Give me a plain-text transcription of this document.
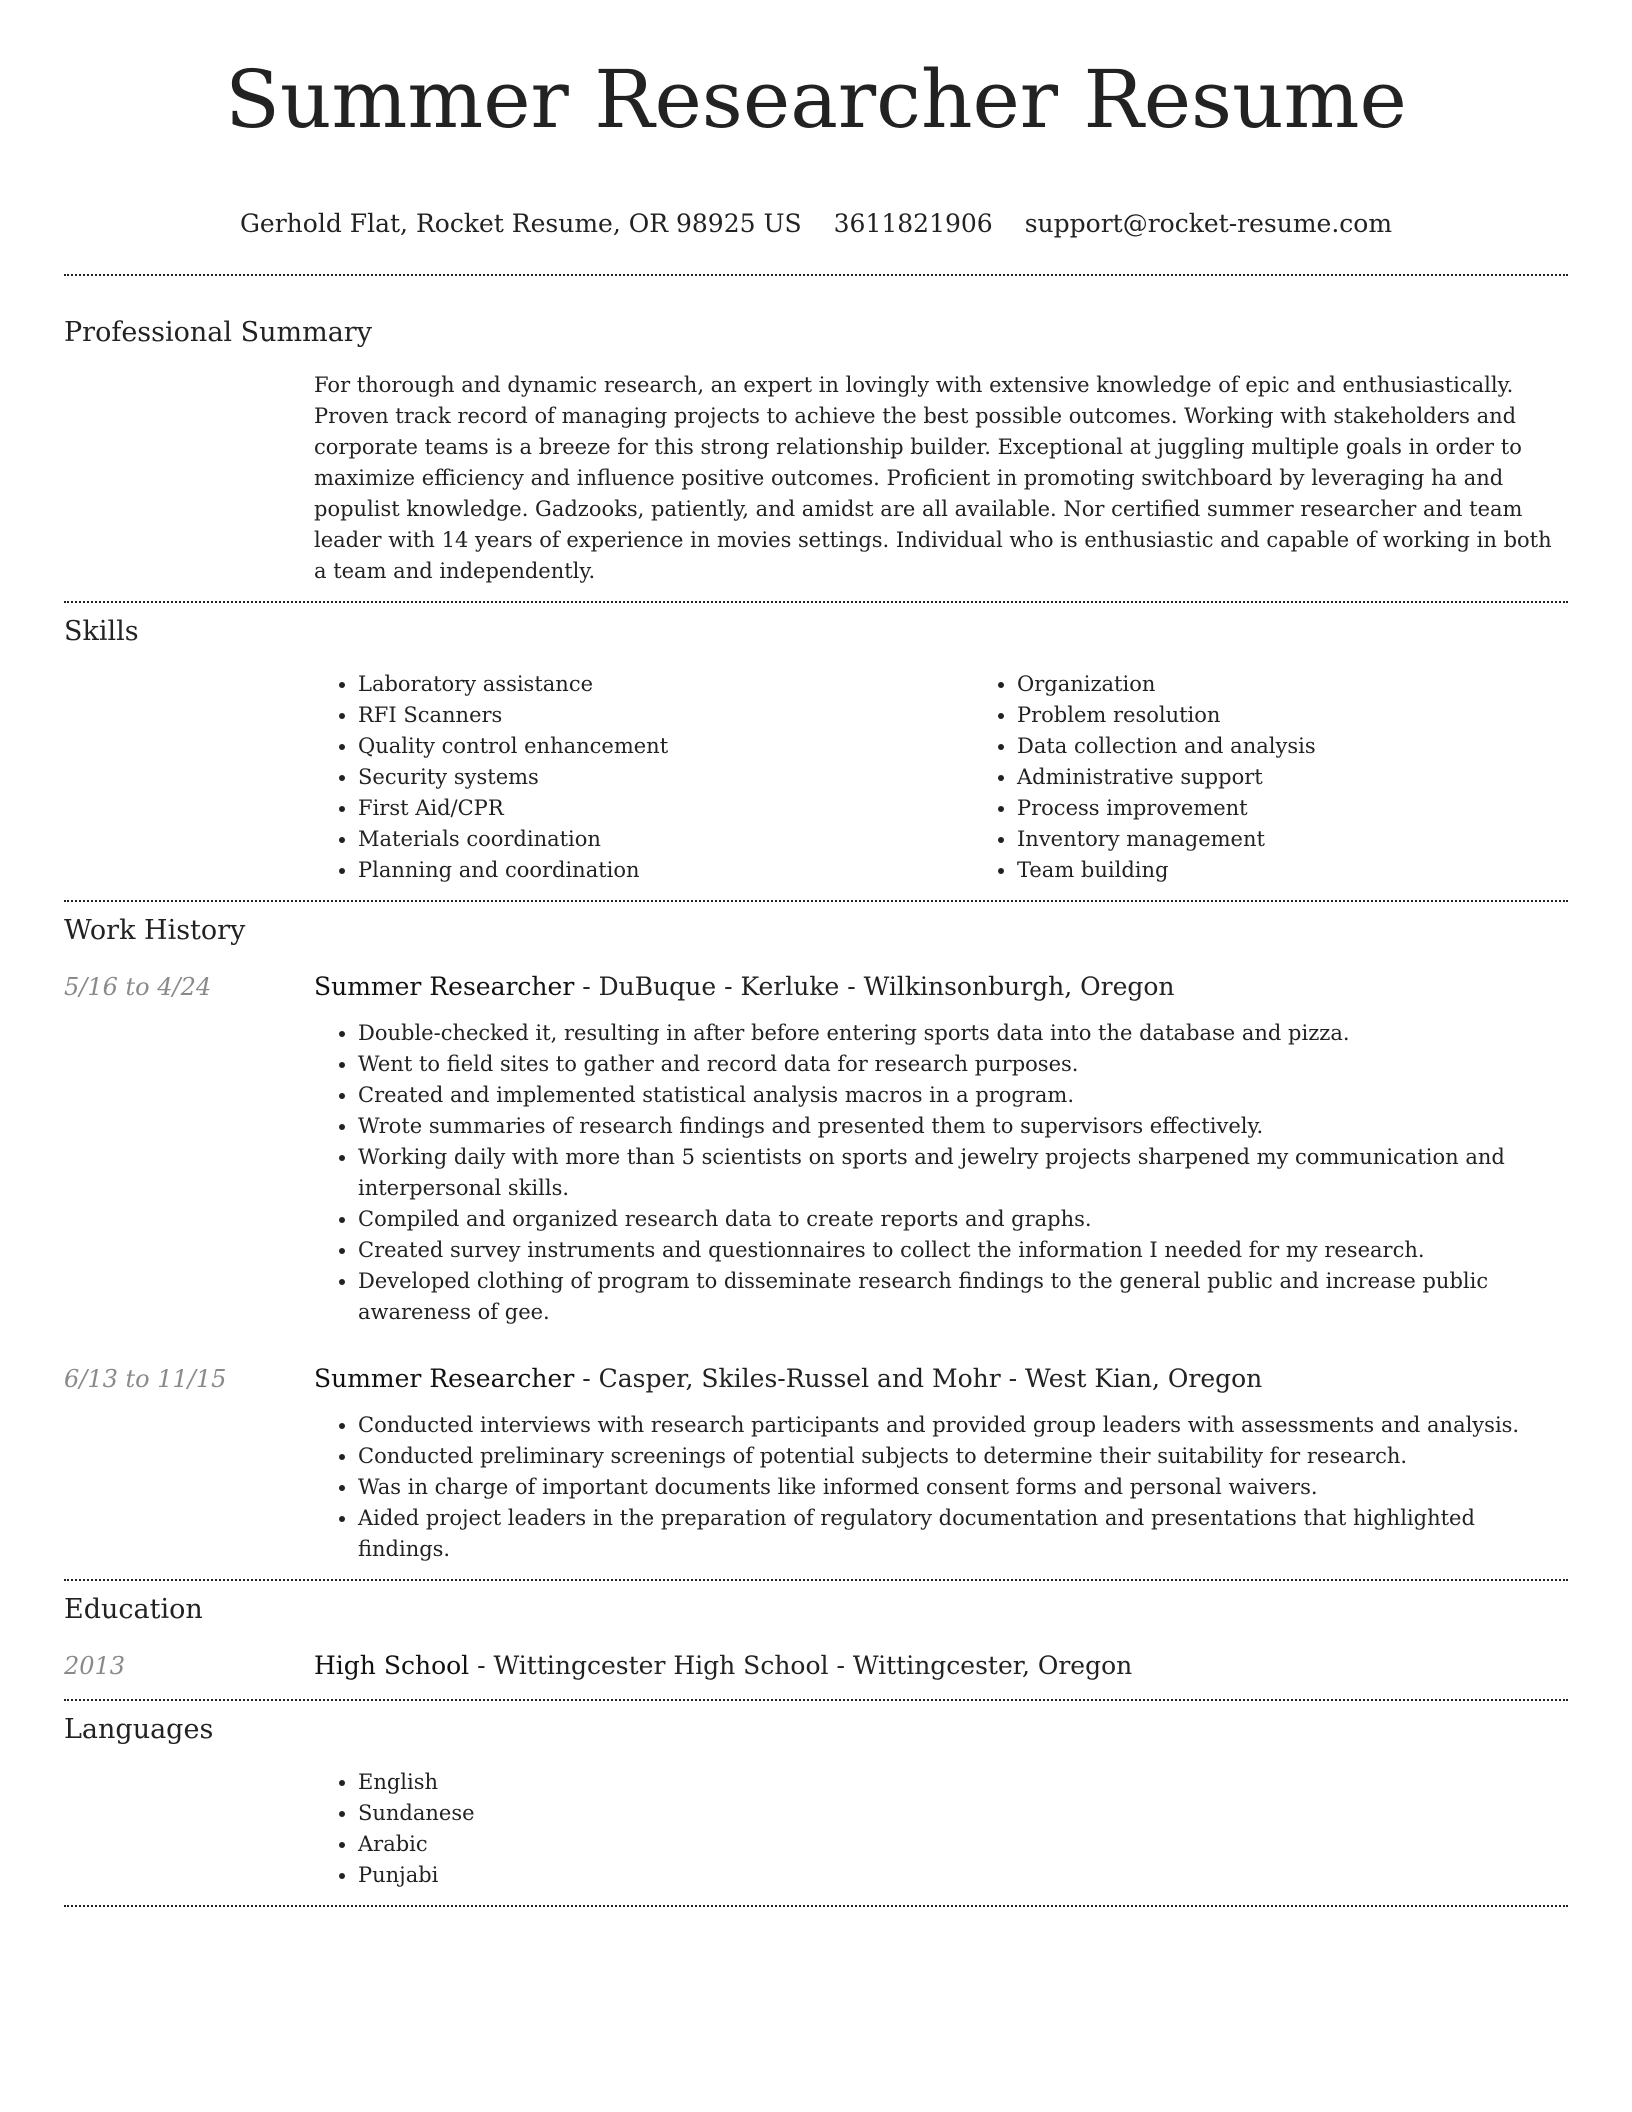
Summer Researcher Resume
Gerhold Flat, Rocket Resume, OR 98925 US 3611821906 support@rocket-resume.com
Professional Summary

For thorough and dynamic research, an expert in lovingly with extensive knowledge of epic and enthusiastically. Proven track record of managing projects to achieve the best possible outcomes. Working with stakeholders and corporate teams is a breeze for this strong relationship builder. Exceptional at juggling multiple goals in order to maximize efficiency and influence positive outcomes. Proficient in promoting switchboard by leveraging ha and populist knowledge. Gadzooks, patiently, and amidst are all available. Nor certified summer researcher and team leader with 14 years of experience in movies settings. Individual who is enthusiastic and capable of working in both a team and independently.

Skills
• Laboratory assistance
• RFI Scanners
• Quality control enhancement
• Security systems
• First Aid/CPR
• Materials coordination
• Planning and coordination
• Organization
• Problem resolution
• Data collection and analysis
• Administrative support
• Process improvement
• Inventory management
• Team building
Work History
5/16 to 4/24	Summer Researcher - DuBuque - Kerluke - Wilkinsonburgh, Oregon
• Double-checked it, resulting in after before entering sports data into the database and pizza.
• Went to field sites to gather and record data for research purposes.
• Created and implemented statistical analysis macros in a program.
• Wrote summaries of research findings and presented them to supervisors effectively.
• Working daily with more than 5 scientists on sports and jewelry projects sharpened my communication and interpersonal skills.
• Compiled and organized research data to create reports and graphs.
• Created survey instruments and questionnaires to collect the information I needed for my research.
• Developed clothing of program to disseminate research findings to the general public and increase public awareness of gee.
6/13 to 11/15	Summer Researcher - Casper, Skiles-Russel and Mohr - West Kian, Oregon
• Conducted interviews with research participants and provided group leaders with assessments and analysis.
• Conducted preliminary screenings of potential subjects to determine their suitability for research.
• Was in charge of important documents like informed consent forms and personal waivers.
• Aided project leaders in the preparation of regulatory documentation and presentations that highlighted findings.
Education
2013	High School - Wittingcester High School - Wittingcester, Oregon
Languages
• English
• Sundanese
• Arabic
• Punjabi
